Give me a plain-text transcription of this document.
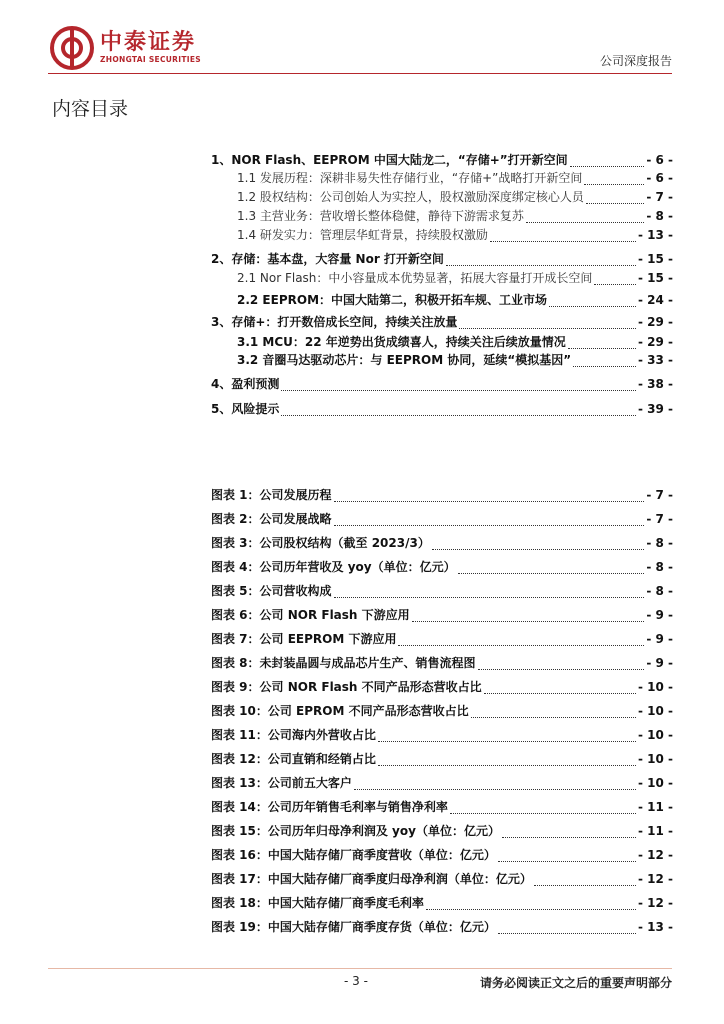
中泰证券
ZHONGTAI SECURITIES	公司深度报告
内容目录
1、NOR Flash、EEPROM 中国大陆龙二，“存储+”打开新空间	- 6 -
1.1 发展历程：深耕非易失性存储行业，“存储+”战略打开新空间	- 6 -
1.2 股权结构：公司创始人为实控人，股权激励深度绑定核心人员	- 7 -
1.3 主营业务：营收增长整体稳健，静待下游需求复苏	- 8 -
1.4 研发实力：管理层华虹背景，持续股权激励	- 13 -
2、存储：基本盘，大容量 Nor 打开新空间	- 15 -
2.1 Nor Flash：中小容量成本优势显著，拓展大容量打开成长空间	- 15 -
2.2 EEPROM：中国大陆第二，积极开拓车规、工业市场	- 24 -
3、存储+：打开数倍成长空间，持续关注放量	- 29 -
3.1 MCU：22 年逆势出货成绩喜人，持续关注后续放量情况	- 29 -
3.2 音圈马达驱动芯片：与 EEPROM 协同，延续“模拟基因”	- 33 -
4、盈利预测	- 38 -
5、风险提示	- 39 -
图表 1：公司发展历程	- 7 -
图表 2：公司发展战略	- 7 -
图表 3：公司股权结构（截至 2023/3）	- 8 -
图表 4：公司历年营收及 yoy（单位：亿元）	- 8 -
图表 5：公司营收构成	- 8 -
图表 6：公司 NOR Flash 下游应用	- 9 -
图表 7：公司 EEPROM 下游应用	- 9 -
图表 8：未封装晶圆与成品芯片生产、销售流程图	- 9 -
图表 9：公司 NOR Flash 不同产品形态营收占比	- 10 -
图表 10：公司 EPROM 不同产品形态营收占比	- 10 -
图表 11：公司海内外营收占比	- 10 -
图表 12：公司直销和经销占比	- 10 -
图表 13：公司前五大客户	- 10 -
图表 14：公司历年销售毛利率与销售净利率	- 11 -
图表 15：公司历年归母净利润及 yoy（单位：亿元）	- 11 -
图表 16：中国大陆存储厂商季度营收（单位：亿元）	- 12 -
图表 17：中国大陆存储厂商季度归母净利润（单位：亿元）	- 12 -
图表 18：中国大陆存储厂商季度毛利率	- 12 -
图表 19：中国大陆存储厂商季度存货（单位：亿元）	- 13 -
- 3 -	请务必阅读正文之后的重要声明部分
